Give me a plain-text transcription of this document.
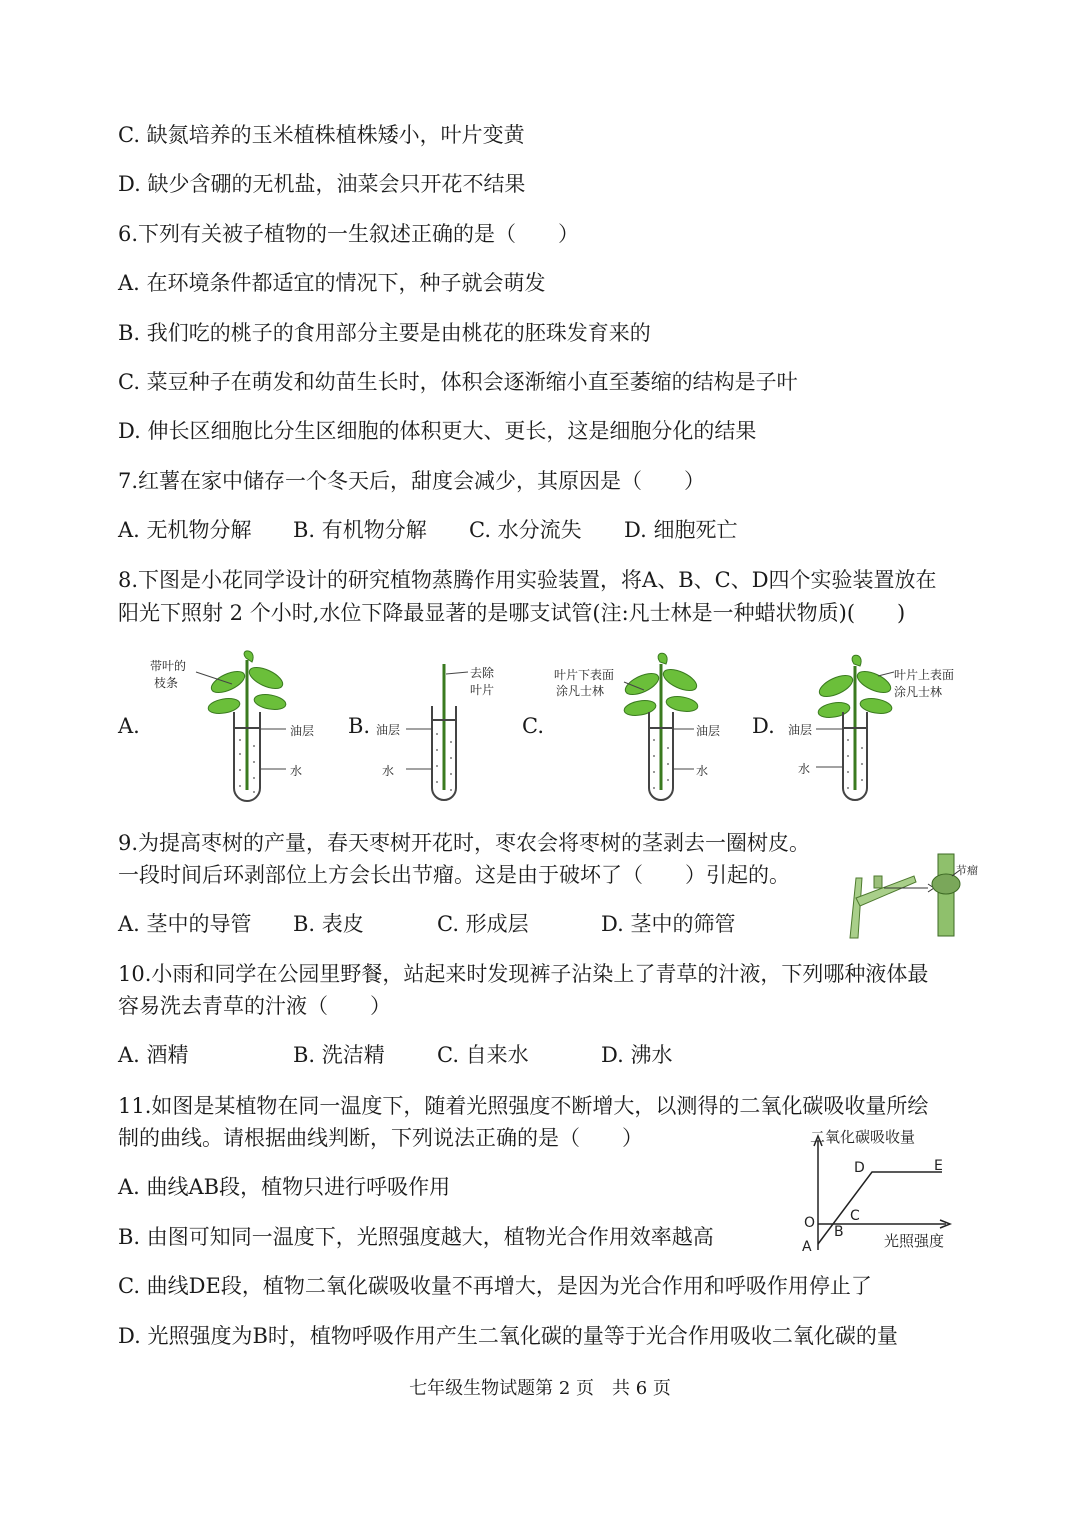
C. 缺氮培养的玉米植株植株矮小，叶片变黄
D. 缺少含硼的无机盐，油菜会只开花不结果
6.下列有关被子植物的一生叙述正确的是（　　）
A. 在环境条件都适宜的情况下，种子就会萌发
B. 我们吃的桃子的食用部分主要是由桃花的胚珠发育来的
C. 菜豆种子在萌发和幼苗生长时，体积会逐渐缩小直至萎缩的结构是子叶
D. 伸长区细胞比分生区细胞的体积更大、更长，这是细胞分化的结果
7.红薯在家中储存一个冬天后，甜度会减少，其原因是（　　）
A. 无机物分解 B. 有机物分解 C. 水分流失 D. 细胞死亡
8.下图是小花同学设计的研究植物蒸腾作用实验装置，将A、B、C、D四个实验装置放在
阳光下照射 2 个小时,水位下降最显著的是哪支试管(注:凡士林是一种蜡状物质)(　　)
A.	B.	C.	D.
带叶的
枝条
油层
水
去除
叶片
油层
水
叶片下表面
涂凡士林
油层
水
叶片上表面
涂凡士林
油层
水
9.为提高枣树的产量，春天枣树开花时，枣农会将枣树的茎剥去一圈树皮。
一段时间后环剥部位上方会长出节瘤。这是由于破坏了（　　）引起的。
A. 茎中的导管 B. 表皮	C. 形成层	D. 茎中的筛管
节瘤
10.小雨和同学在公园里野餐，站起来时发现裤子沾染上了青草的汁液，下列哪种液体最
容易洗去青草的汁液（　　）
A. 酒精	B. 洗洁精 C. 自来水	D. 沸水
11.如图是某植物在同一温度下，随着光照强度不断增大，以测得的二氧化碳吸收量所绘
制的曲线。请根据曲线判断，下列说法正确的是（　　）
A. 曲线AB段，植物只进行呼吸作用
B. 由图可知同一温度下，光照强度越大，植物光合作用效率越高
C. 曲线DE段，植物二氧化碳吸收量不再增大，是因为光合作用和呼吸作用停止了
D. 光照强度为B时，植物呼吸作用产生二氧化碳的量等于光合作用吸收二氧化碳的量
二氧化碳吸收量
光照强度
O
A
B
C
D	E
七年级生物试题第 2 页　共 6 页
